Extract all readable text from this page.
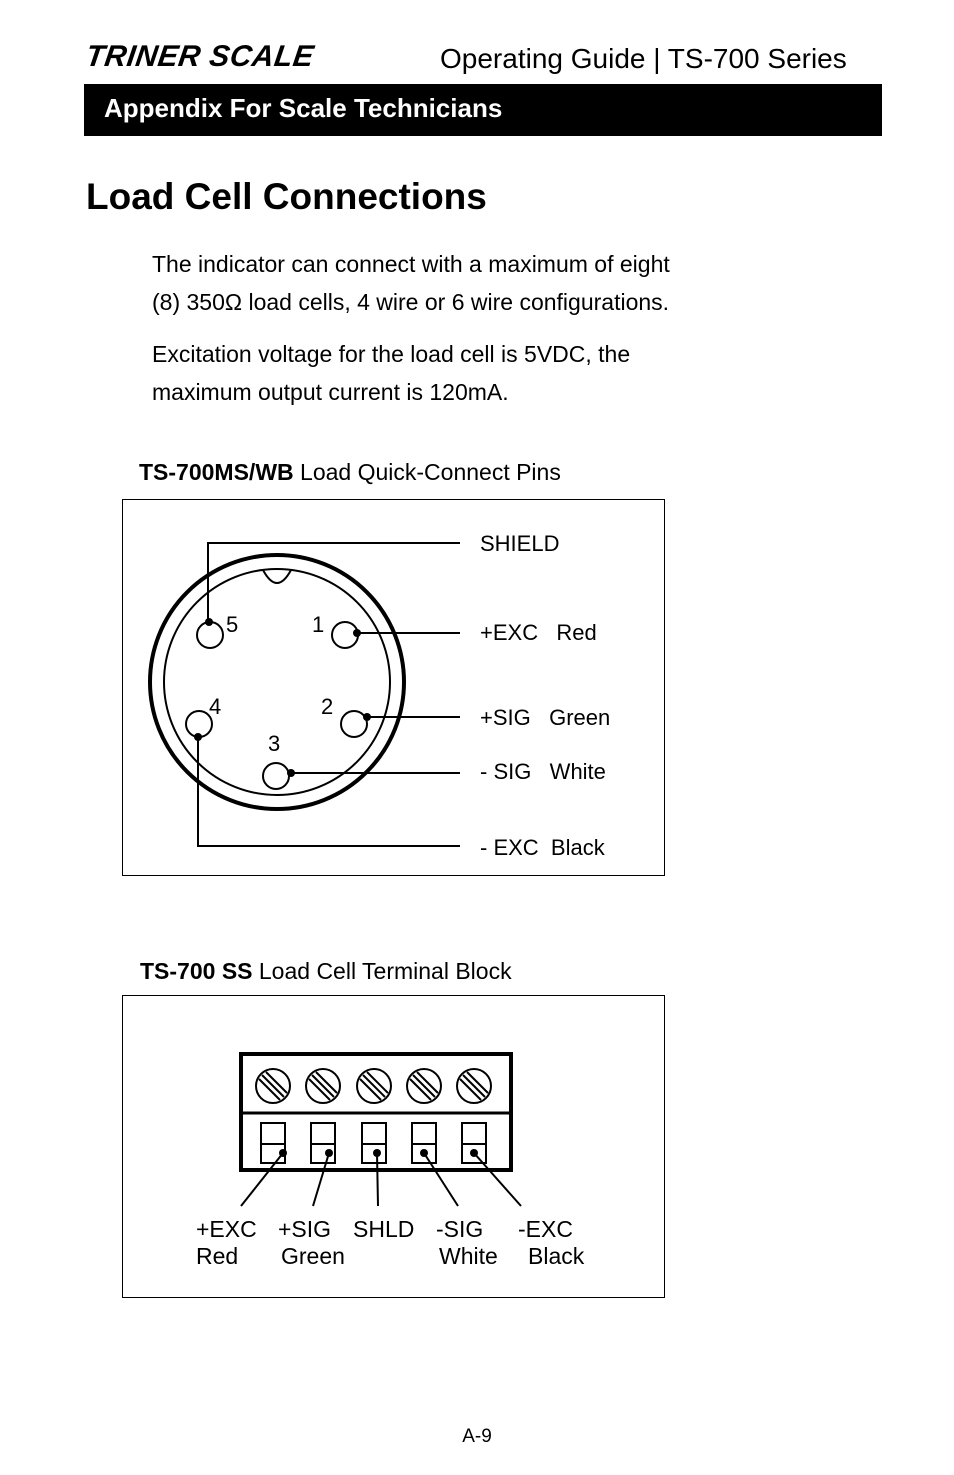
TRINER SCALE	Operating Guide | TS-700 Series
Appendix For Scale Technicians
Load Cell Connections
The indicator can connect with a maximum of eight
(8) 350Ω load cells, 4 wire or 6 wire configurations.
Excitation voltage for the load cell is 5VDC, the
maximum output current is 120mA.
TS-700MS/WB Load Quick-Connect Pins
5	1
4	2
3
SHIELD
+EXC   Red
+SIG   Green
- SIG   White
- EXC  Black
TS-700 SS Load Cell Terminal Block
+EXC
Red
+SIG
Green
SHLD -SIG
White
-EXC
Black
A-9
